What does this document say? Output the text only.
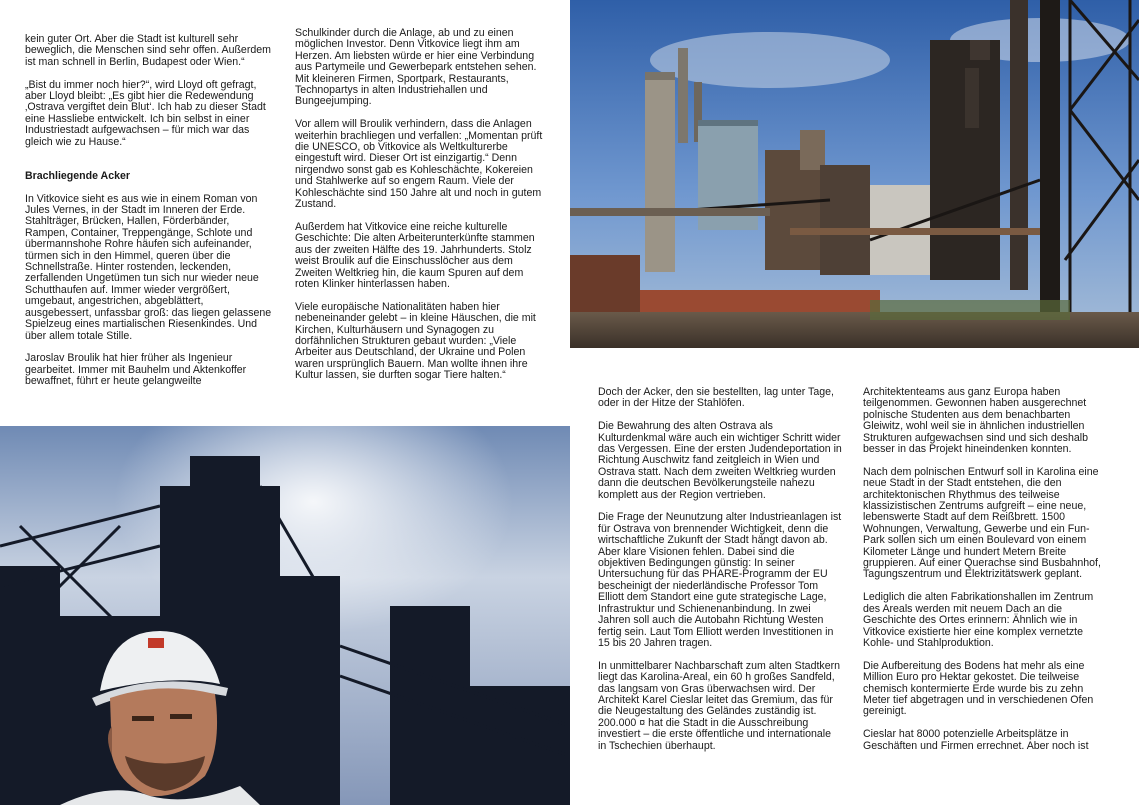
kein guter Ort. Aber die Stadt ist kulturell sehr beweglich, die Menschen sind sehr offen. Außerdem ist man schnell in Berlin, Budapest oder Wien.“

„Bist du immer noch hier?“, wird Lloyd oft gefragt, aber Lloyd bleibt: „Es gibt hier die Redewendung ‚Ostrava vergiftet dein Blut‘. Ich hab zu dieser Stadt eine Hassliebe entwickelt. Ich bin selbst in einer Industriestadt aufgewachsen – für mich war das gleich wie zu Hause.“

Brachliegende Acker

In Vitkovice sieht es aus wie in einem Roman von Jules Vernes, in der Stadt im Inneren der Erde. Stahlträger, Brücken, Hallen, Förderbänder, Rampen, Container, Treppengänge, Schlote und übermannshohe Rohre häufen sich aufeinander, türmen sich in den Himmel, queren über die Schnellstraße. Hinter rostenden, leckenden, zerfallenden Ungetümen tun sich nur wieder neue Schutthaufen auf. Immer wieder vergrößert, umgebaut, angestrichen, abgeblättert, ausgebessert, unfassbar groß: das liegen gelassene Spielzeug eines martialischen Riesenkindes. Und über allem totale Stille.

Jaroslav Broulik hat hier früher als Ingenieur gearbeitet. Immer mit Bauhelm und Aktenkoffer bewaffnet, führt er heute gelangweilte

Schulkinder durch die Anlage, ab und zu einen möglichen Investor. Denn Vitkovice liegt ihm am Herzen. Am liebsten würde er hier eine Verbindung aus Partymeile und Gewerbepark entstehen sehen. Mit kleineren Firmen, Sportpark, Restaurants, Technopartys in alten Industriehallen und Bungeejumping.

Vor allem will Broulik verhindern, dass die Anlagen weiterhin brachliegen und verfallen: „Momentan prüft die UNESCO, ob Vitkovice als Weltkulturerbe eingestuft wird. Dieser Ort ist einzigartig.“ Denn nirgendwo sonst gab es Kohleschächte, Kokereien und Stahlwerke auf so engem Raum. Viele der Kohleschächte sind 150 Jahre alt und noch in gutem Zustand.

Außerdem hat Vitkovice eine reiche kulturelle Geschichte: Die alten Arbeiterunterkünfte stammen aus der zweiten Hälfte des 19. Jahrhunderts. Stolz weist Broulik auf die Einschusslöcher aus dem Zweiten Weltkrieg hin, die kaum Spuren auf dem roten Klinker hinterlassen haben.

Viele europäische Nationalitäten haben hier nebeneinander gelebt – in kleine Häuschen, die mit Kirchen, Kulturhäusern und Synagogen zu dorfähnlichen Strukturen gebaut wurden: „Viele Arbeiter aus Deutschland, der Ukraine und Polen waren ursprünglich Bauern. Man wollte ihnen ihre Kultur lassen, sie durften sogar Tiere halten.“

Doch der Acker, den sie bestellten, lag unter Tage, oder in der Hitze der Stahlöfen.

Die Bewahrung des alten Ostrava als Kulturdenkmal wäre auch ein wichtiger Schritt wider das Vergessen. Eine der ersten Judendeportation in Richtung Auschwitz fand zeitgleich in Wien und Ostrava statt. Nach dem zweiten Weltkrieg wurden dann die deutschen Bevölkerungsteile nahezu komplett aus der Region vertrieben.

Die Frage der Neunutzung alter Industrieanlagen ist für Ostrava von brennender Wichtigkeit, denn die wirtschaftliche Zukunft der Stadt hängt davon ab. Aber klare Visionen fehlen. Dabei sind die objektiven Bedingungen günstig: In seiner Untersuchung für das PHARE-Programm der EU bescheinigt der niederländische Professor Tom Elliott dem Standort eine gute strategische Lage, Infrastruktur und Schienenanbindung. In zwei Jahren soll auch die Autobahn Richtung Westen fertig sein. Laut Tom Elliott werden Investitionen in 15 bis 20 Jahren tragen.

In unmittelbarer Nachbarschaft zum alten Stadtkern liegt das Karolina-Areal, ein 60 h großes Sandfeld, das langsam von Gras überwachsen wird. Der Architekt Karel Cieslar leitet das Gremium, das für die Neugestaltung des Geländes zuständig ist. 200.000 ¤ hat die Stadt in die Ausschreibung investiert – die erste öffentliche und internationale in Tschechien überhaupt.

Architektenteams aus ganz Europa haben teilgenommen. Gewonnen haben ausgerechnet polnische Studenten aus dem benachbarten Gleiwitz, wohl weil sie in ähnlichen industriellen Strukturen aufgewachsen sind und sich deshalb besser in das Projekt hineindenken konnten.

Nach dem polnischen Entwurf soll in Karolina eine neue Stadt in der Stadt entstehen, die den architektonischen Rhythmus des teilweise klassizistischen Zentrums aufgreift – eine neue, lebenswerte Stadt auf dem Reißbrett. 1500 Wohnungen, Verwaltung, Gewerbe und ein Fun-Park sollen sich um einen Boulevard von einem Kilometer Länge und hundert Metern Breite gruppieren. Auf einer Querachse sind Busbahnhof, Tagungszentrum und Elektrizitätswerk geplant.

Lediglich die alten Fabrikationshallen im Zentrum des Areals werden mit neuem Dach an die Geschichte des Ortes erinnern: Ähnlich wie in Vitkovice existierte hier eine komplex vernetzte Kohle- und Stahlproduktion.

Die Aufbereitung des Bodens hat mehr als eine Million Euro pro Hektar gekostet. Die teilweise chemisch kontermierte Erde wurde bis zu zehn Meter tief abgetragen und in verschiedenen Ofen gereinigt.

Cieslar hat 8000 potenzielle Arbeitsplätze in Geschäften und Firmen errechnet. Aber noch ist
